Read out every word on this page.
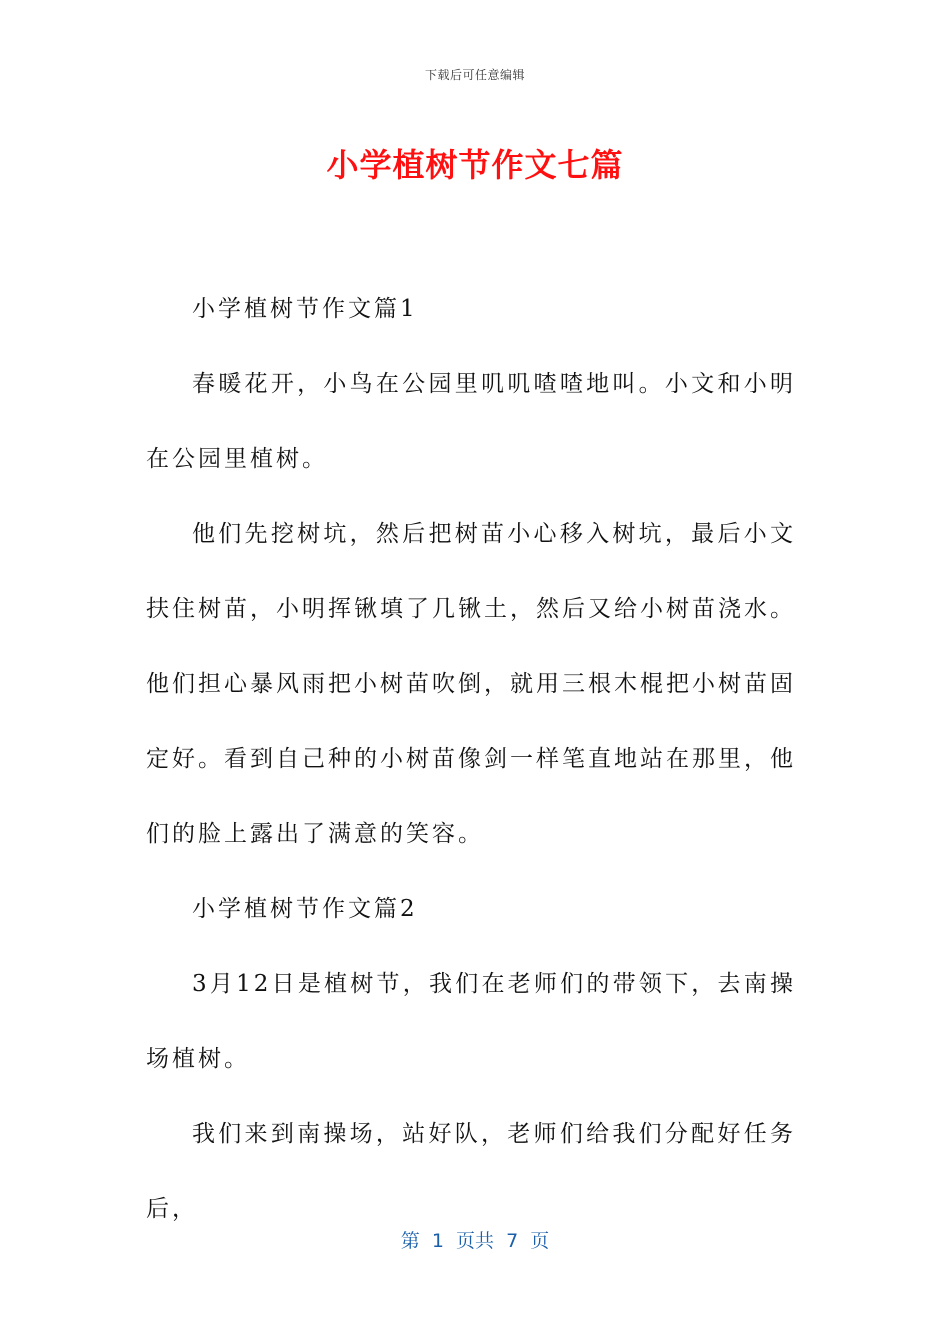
下载后可任意编辑
小学植树节作文七篇

小学植树节作文篇1

春暖花开，小鸟在公园里叽叽喳喳地叫。小文和小明在公园里植树。

他们先挖树坑，然后把树苗小心移入树坑，最后小文扶住树苗，小明挥锹填了几锹土，然后又给小树苗浇水。他们担心暴风雨把小树苗吹倒，就用三根木棍把小树苗固定好。看到自己种的小树苗像剑一样笔直地站在那里，他们的脸上露出了满意的笑容。

小学植树节作文篇2

3月12日是植树节，我们在老师们的带领下，去南操场植树。

我们来到南操场，站好队，老师们给我们分配好任务后，

第  1  页共  7  页
